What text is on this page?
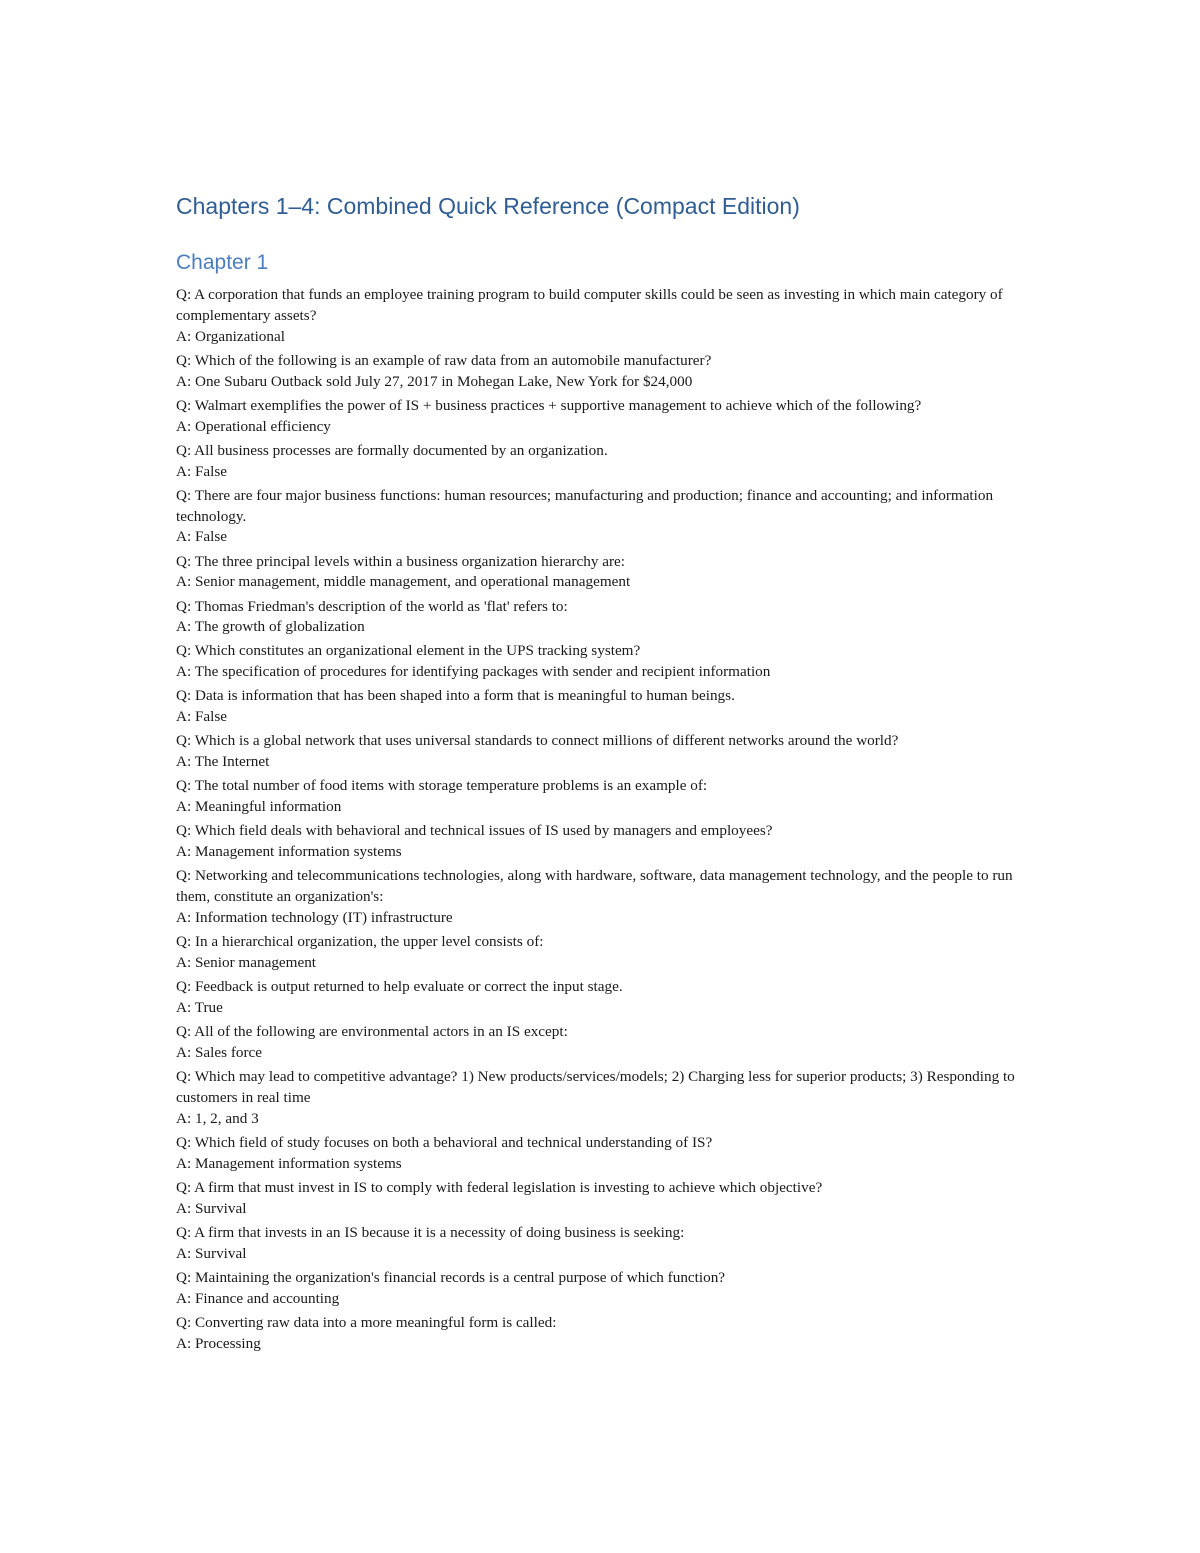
Chapters 1–4: Combined Quick Reference (Compact Edition)
Chapter 1
Q: A corporation that funds an employee training program to build computer skills could be seen as investing in which main category of complementary assets?
A: Organizational
Q: Which of the following is an example of raw data from an automobile manufacturer?
A: One Subaru Outback sold July 27, 2017 in Mohegan Lake, New York for $24,000
Q: Walmart exemplifies the power of IS + business practices + supportive management to achieve which of the following?
A: Operational efficiency
Q: All business processes are formally documented by an organization.
A: False
Q: There are four major business functions: human resources; manufacturing and production; finance and accounting; and information technology.
A: False
Q: The three principal levels within a business organization hierarchy are:
A: Senior management, middle management, and operational management
Q: Thomas Friedman's description of the world as 'flat' refers to:
A: The growth of globalization
Q: Which constitutes an organizational element in the UPS tracking system?
A: The specification of procedures for identifying packages with sender and recipient information
Q: Data is information that has been shaped into a form that is meaningful to human beings.
A: False
Q: Which is a global network that uses universal standards to connect millions of different networks around the world?
A: The Internet
Q: The total number of food items with storage temperature problems is an example of:
A: Meaningful information
Q: Which field deals with behavioral and technical issues of IS used by managers and employees?
A: Management information systems
Q: Networking and telecommunications technologies, along with hardware, software, data management technology, and the people to run them, constitute an organization's:
A: Information technology (IT) infrastructure
Q: In a hierarchical organization, the upper level consists of:
A: Senior management
Q: Feedback is output returned to help evaluate or correct the input stage.
A: True
Q: All of the following are environmental actors in an IS except:
A: Sales force
Q: Which may lead to competitive advantage? 1) New products/services/models; 2) Charging less for superior products; 3) Responding to customers in real time
A: 1, 2, and 3
Q: Which field of study focuses on both a behavioral and technical understanding of IS?
A: Management information systems
Q: A firm that must invest in IS to comply with federal legislation is investing to achieve which objective?
A: Survival
Q: A firm that invests in an IS because it is a necessity of doing business is seeking:
A: Survival
Q: Maintaining the organization's financial records is a central purpose of which function?
A: Finance and accounting
Q: Converting raw data into a more meaningful form is called:
A: Processing
